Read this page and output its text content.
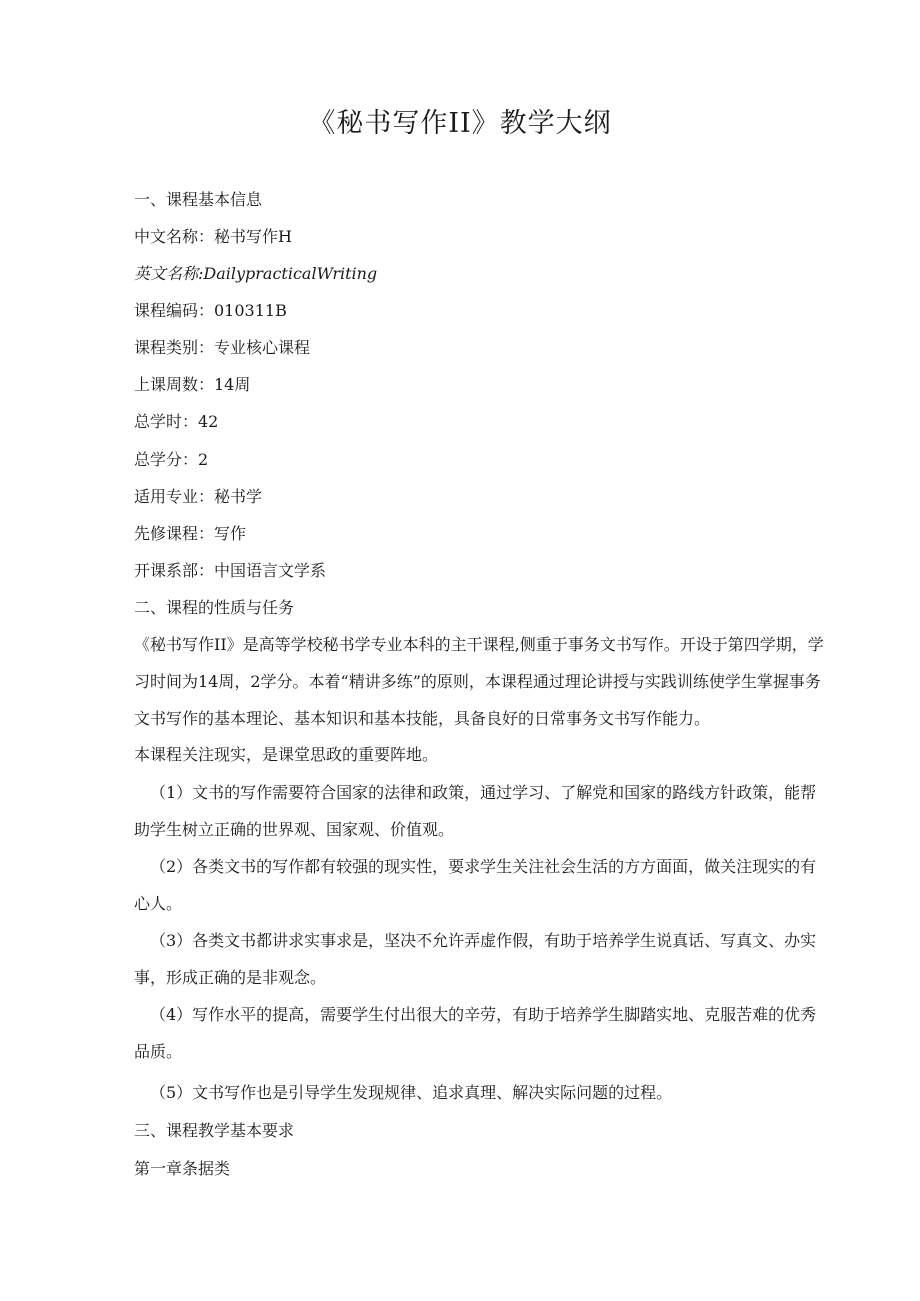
《秘书写作II》教学大纲

一、课程基本信息

中文名称：秘书写作H

英文名称:DailypracticalWriting

课程编码：010311B

课程类别：专业核心课程

上课周数：14周

总学时：42

总学分：2

适用专业：秘书学

先修课程：写作

开课系部：中国语言文学系

二、课程的性质与任务

《秘书写作II》是高等学校秘书学专业本科的主干课程,侧重于事务文书写作。开设于第四学期，学习时间为14周，2学分。本着“精讲多练”的原则，本课程通过理论讲授与实践训练使学生掌握事务文书写作的基本理论、基本知识和基本技能，具备良好的日常事务文书写作能力。

本课程关注现实，是课堂思政的重要阵地。

（1）文书的写作需要符合国家的法律和政策，通过学习、了解党和国家的路线方针政策，能帮助学生树立正确的世界观、国家观、价值观。

（2）各类文书的写作都有较强的现实性，要求学生关注社会生活的方方面面，做关注现实的有心人。

（3）各类文书都讲求实事求是，坚决不允许弄虚作假，有助于培养学生说真话、写真文、办实事，形成正确的是非观念。

（4）写作水平的提高，需要学生付出很大的辛劳，有助于培养学生脚踏实地、克服苦难的优秀品质。

（5）文书写作也是引导学生发现规律、追求真理、解决实际问题的过程。

三、课程教学基本要求

第一章条据类
